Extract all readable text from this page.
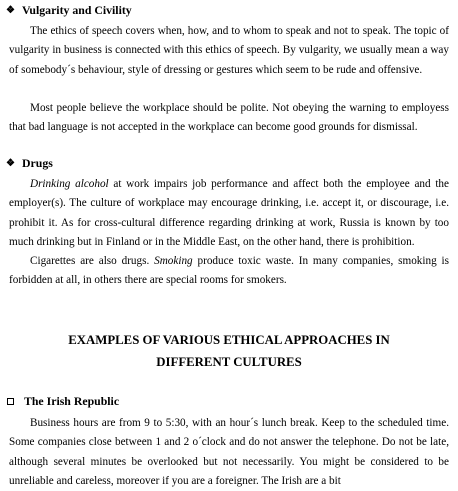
❖ Vulgarity and Civility

The ethics of speech covers when, how, and to whom to speak and not to speak. The topic of vulgarity in business is connected with this ethics of speech. By vulgarity, we usually mean a way of somebody´s behaviour, style of dressing or gestures which seem to be rude and offensive.

Most people believe the workplace should be polite. Not obeying the warning to employess that bad language is not accepted in the workplace can become good grounds for dismissal.

❖ Drugs

Drinking alcohol at work impairs job performance and affect both the employee and the employer(s). The culture of workplace may encourage drinking, i.e. accept it, or discourage, i.e. prohibit it. As for cross-cultural difference regarding drinking at work, Russia is known by too much drinking but in Finland or in the Middle East, on the other hand, there is prohibition.

Cigarettes are also drugs. Smoking produce toxic waste. In many companies, smoking is forbidden at all, in others there are special rooms for smokers.

EXAMPLES OF VARIOUS ETHICAL APPROACHES IN

DIFFERENT CULTURES

The Irish Republic

Business hours are from 9 to 5:30, with an hour´s lunch break. Keep to the scheduled time. Some companies close between 1 and 2 o´clock and do not answer the telephone. Do not be late, although several minutes be overlooked but not necessarily. You might be considered to be unreliable and careless, moreover if you are a foreigner. The Irish are a bit
